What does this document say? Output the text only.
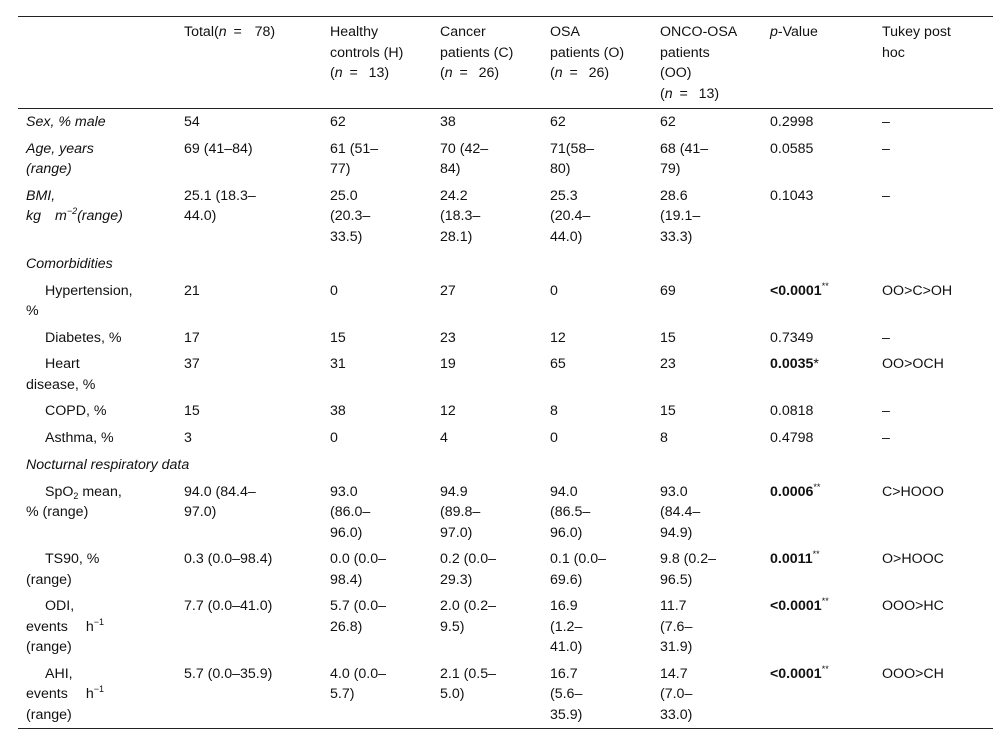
	Total(n = 78)	Healthy
controls (H)
(n = 13)	Cancer
patients (C)
(n = 26)	OSA
patients (O)
(n = 26)	ONCO-OSA
patients
(OO)
(n = 13)	p-Value	Tukey post
hoc
Sex, % male	54	62	38	62	62	0.2998	–
Age, years
(range)	69 (41–84)	61 (51–
77)	70 (42–
84)	71(58–
80)	68 (41–
79)	0.0585	–
BMI,
kg $m^{-2}(range)$	25.1 (18.3–
44.0)	25.0
(20.3–
33.5)	24.2
(18.3–
28.1)	25.3
(20.4–
44.0)	28.6
(19.1–
33.3)	0.1043	–
Comorbidities							
Hypertension,
%	21	0	27	0	69	<0.0001**	OO>C>OH
Diabetes, %	17	15	23	12	15	0.7349	–
Heart
disease, %	37	31	19	65	23	0.0035*	OO>OCH
COPD, %	15	38	12	8	15	0.0818	–
Asthma, %	3	0	4	0	8	0.4798	–
Nocturnal respiratory data							
SpO$_2$ mean,
% (range)	94.0 (84.4–
97.0)	93.0
(86.0–
96.0)	94.9
(89.8–
97.0)	94.0
(86.5–
96.0)	93.0
(84.4–
94.9)	0.0006**	C>HOOO
TS90, %
(range)	0.3 (0.0–98.4)	0.0 (0.0–
98.4)	0.2 (0.0–
29.3)	0.1 (0.0–
69.6)	9.8 (0.2–
96.5)	0.0011**	O>HOOC
ODI,
events $h^{-1}$
(range)	7.7 (0.0–41.0)	5.7 (0.0–
26.8)	2.0 (0.2–
9.5)	16.9
(1.2–
41.0)	11.7
(7.6–
31.9)	<0.0001**	OOO>HC
AHI,
events $h^{-1}$
(range)	5.7 (0.0–35.9)	4.0 (0.0–
5.7)	2.1 (0.5–
5.0)	16.7
(5.6–
35.9)	14.7
(7.0–
33.0)	<0.0001**	OOO>CH
